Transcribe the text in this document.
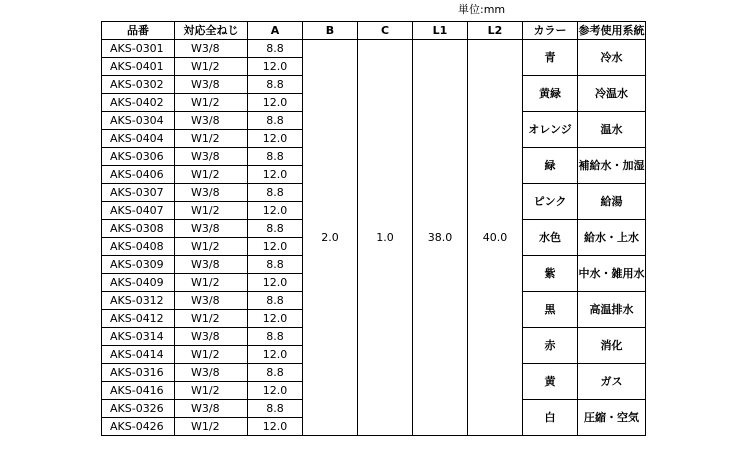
単位:mm
品番	対応全ねじ	A	B	C	L1	L2	カラー	参考使用系統
AKS-0301	W3/8	8.8	2.0	1.0	38.0	40.0	青	冷水
AKS-0401	W1/2	12.0						
AKS-0302	W3/8	8.8					黄緑	冷温水
AKS-0402	W1/2	12.0						
AKS-0304	W3/8	8.8					オレンジ	温水
AKS-0404	W1/2	12.0						
AKS-0306	W3/8	8.8					緑	補給水・加湿
AKS-0406	W1/2	12.0						
AKS-0307	W3/8	8.8					ピンク	給湯
AKS-0407	W1/2	12.0						
AKS-0308	W3/8	8.8					水色	給水・上水
AKS-0408	W1/2	12.0						
AKS-0309	W3/8	8.8					紫	中水・雑用水
AKS-0409	W1/2	12.0						
AKS-0312	W3/8	8.8					黒	高温排水
AKS-0412	W1/2	12.0						
AKS-0314	W3/8	8.8					赤	消化
AKS-0414	W1/2	12.0						
AKS-0316	W3/8	8.8					黄	ガス
AKS-0416	W1/2	12.0						
AKS-0326	W3/8	8.8					白	圧縮・空気
AKS-0426	W1/2	12.0						
